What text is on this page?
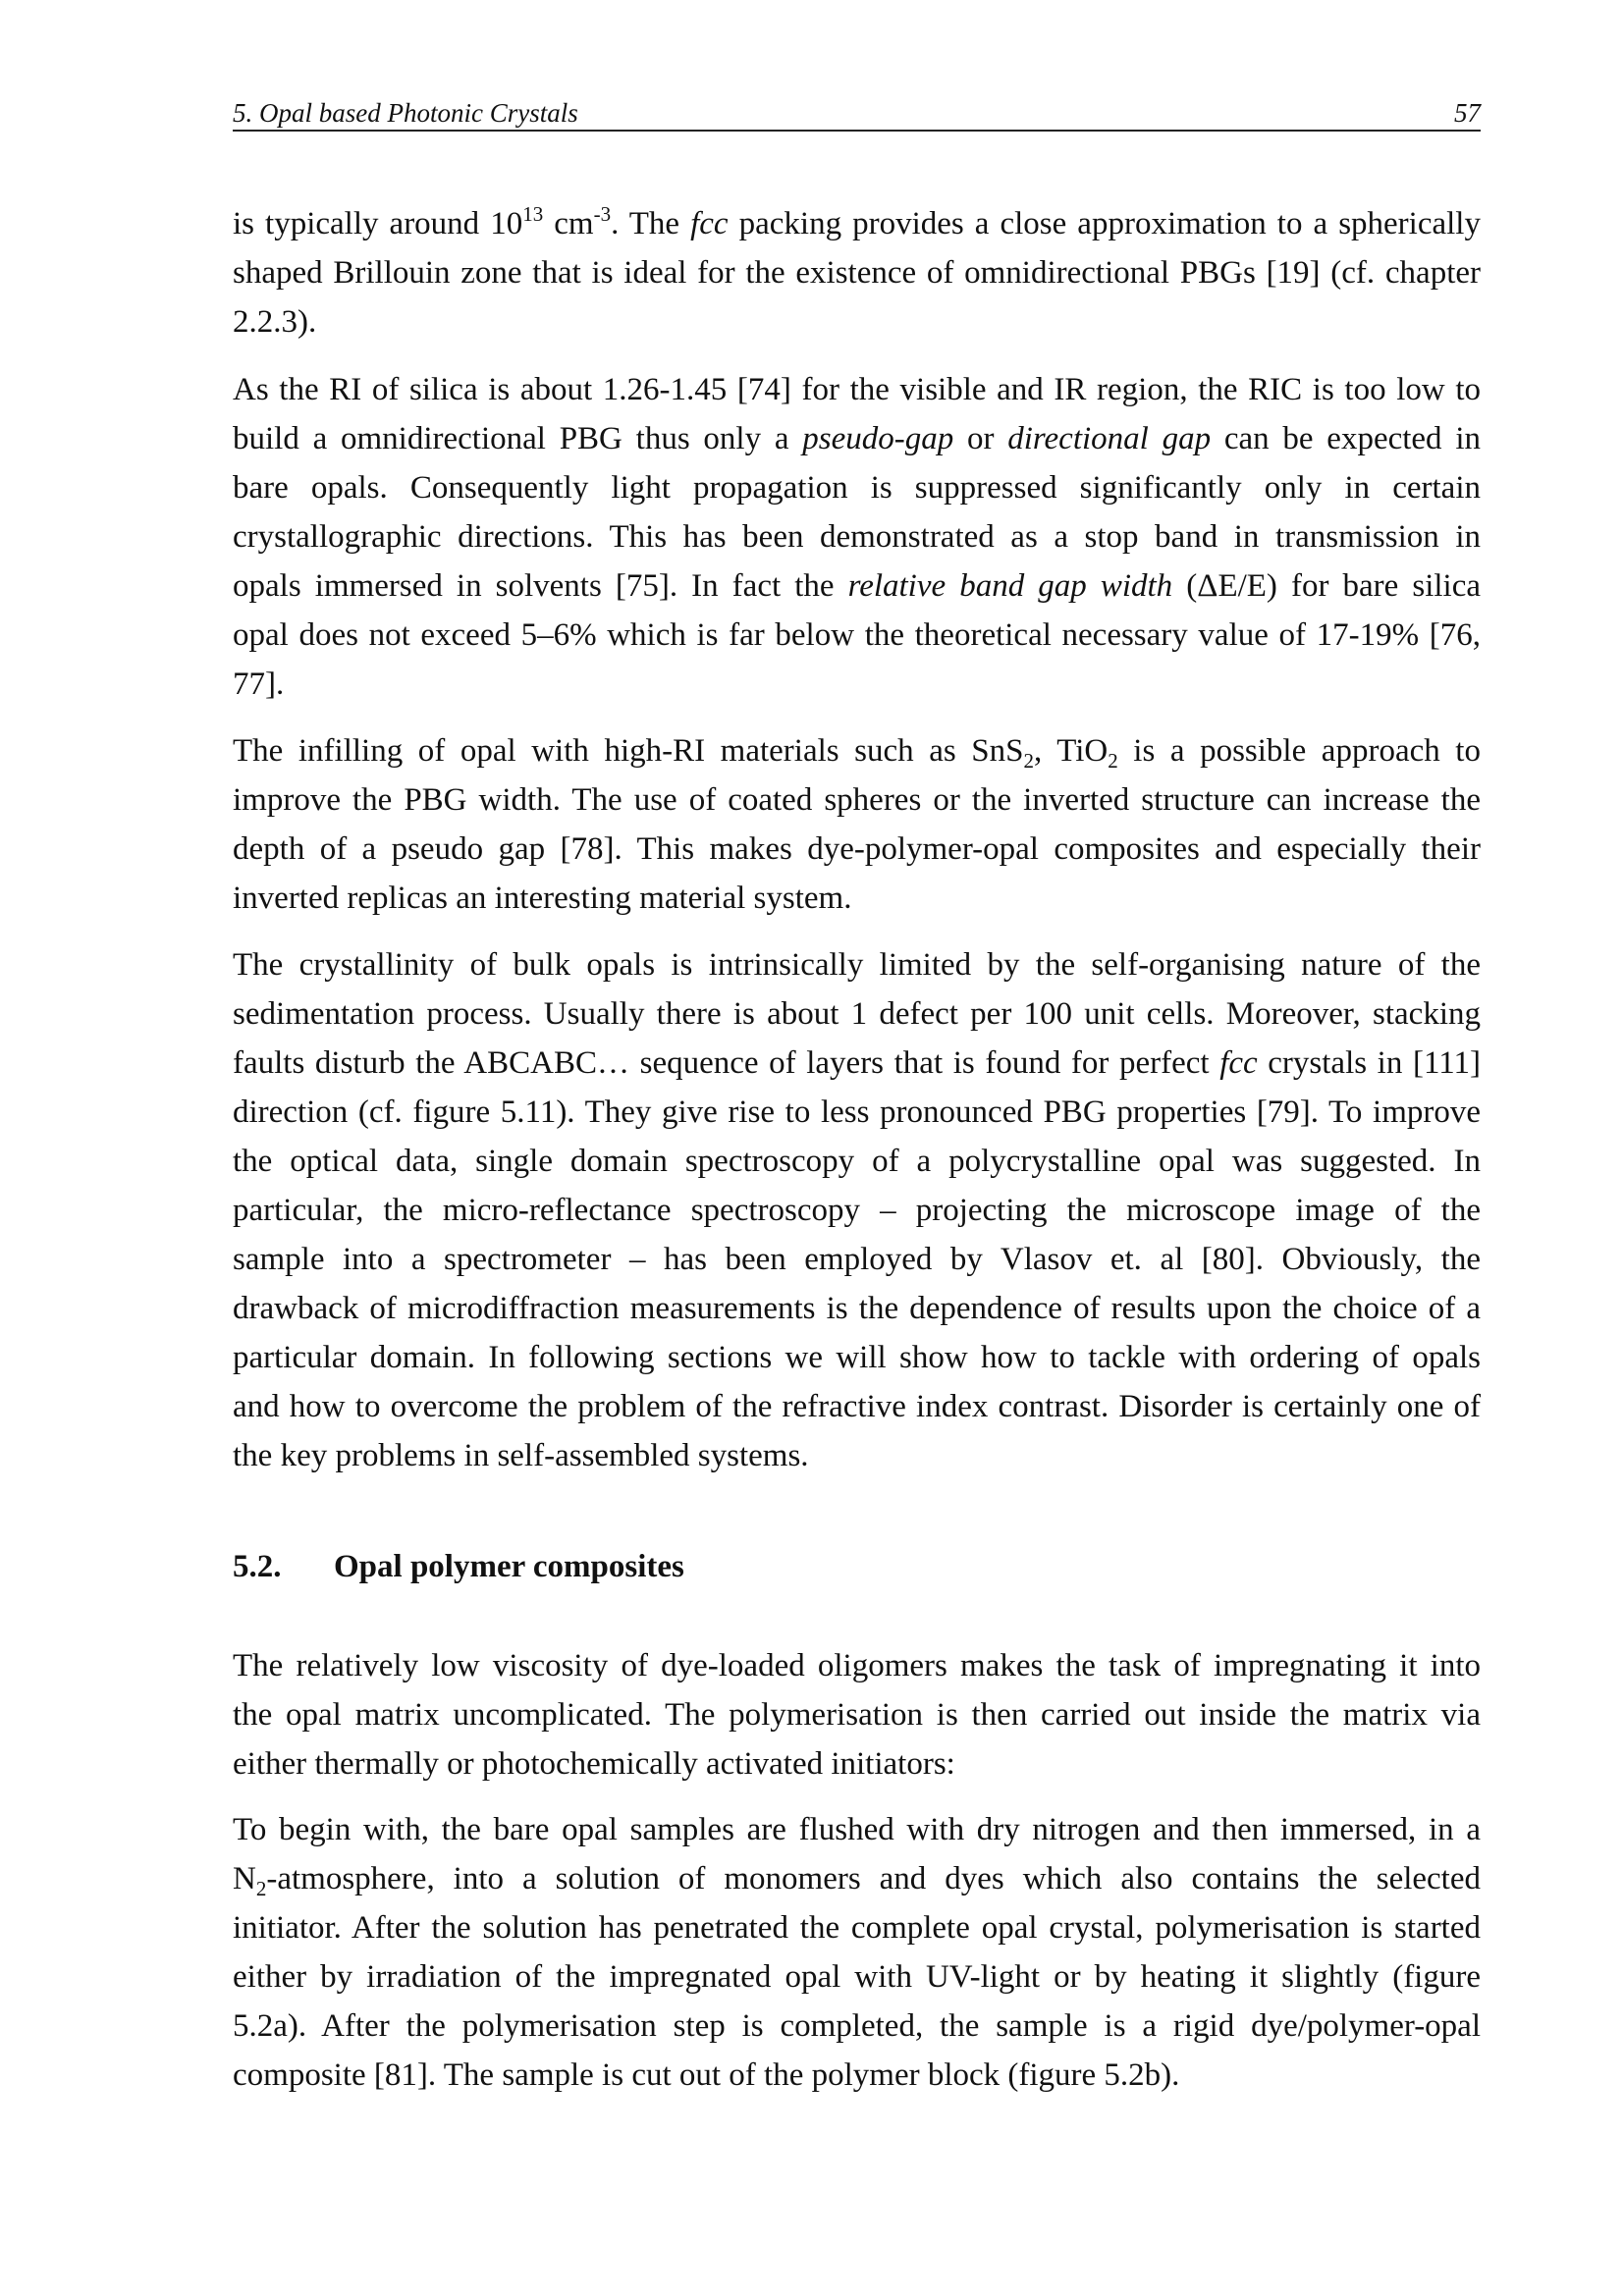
5. Opal based Photonic Crystals	57
is typically around $10^{13}$ $cm^{-3}$. The fcc packing provides a close approximation to a spherically
shaped Brillouin zone that is ideal for the existence of omnidirectional PBGs [19] (cf. chapter
2.2.3).
As the RI of silica is about 1.26-1.45 [74] for the visible and IR region, the RIC is too low to
build a omnidirectional PBG thus only a pseudo-gap or directional gap can be expected in
bare opals. Consequently light propagation is suppressed significantly only in certain
crystallographic directions. This has been demonstrated as a stop band in transmission in
opals immersed in solvents [75]. In fact the relative band gap width (ΔE/E) for bare silica
opal does not exceed 5–6% which is far below the theoretical necessary value of 17-19% [76,
77].
The infilling of opal with high-RI materials such as SnS$_2$, TiO$_2$ is a possible approach to
improve the PBG width. The use of coated spheres or the inverted structure can increase the
depth of a pseudo gap [78]. This makes dye-polymer-opal composites and especially their
inverted replicas an interesting material system.
The crystallinity of bulk opals is intrinsically limited by the self-organising nature of the
sedimentation process. Usually there is about 1 defect per 100 unit cells. Moreover, stacking
faults disturb the ABCABC… sequence of layers that is found for perfect fcc crystals in [111]
direction (cf. figure 5.11). They give rise to less pronounced PBG properties [79]. To improve
the optical data, single domain spectroscopy of a polycrystalline opal was suggested. In
particular, the micro-reflectance spectroscopy – projecting the microscope image of the
sample into a spectrometer – has been employed by Vlasov et. al [80]. Obviously, the
drawback of microdiffraction measurements is the dependence of results upon the choice of a
particular domain. In following sections we will show how to tackle with ordering of opals
and how to overcome the problem of the refractive index contrast. Disorder is certainly one of
the key problems in self-assembled systems.
5.2. Opal polymer composites
The relatively low viscosity of dye-loaded oligomers makes the task of impregnating it into
the opal matrix uncomplicated. The polymerisation is then carried out inside the matrix via
either thermally or photochemically activated initiators:
To begin with, the bare opal samples are flushed with dry nitrogen and then immersed, in a
$N_2$-atmosphere, into a solution of monomers and dyes which also contains the selected
initiator. After the solution has penetrated the complete opal crystal, polymerisation is started
either by irradiation of the impregnated opal with UV-light or by heating it slightly (figure
5.2a). After the polymerisation step is completed, the sample is a rigid dye/polymer-opal
composite [81]. The sample is cut out of the polymer block (figure 5.2b).
